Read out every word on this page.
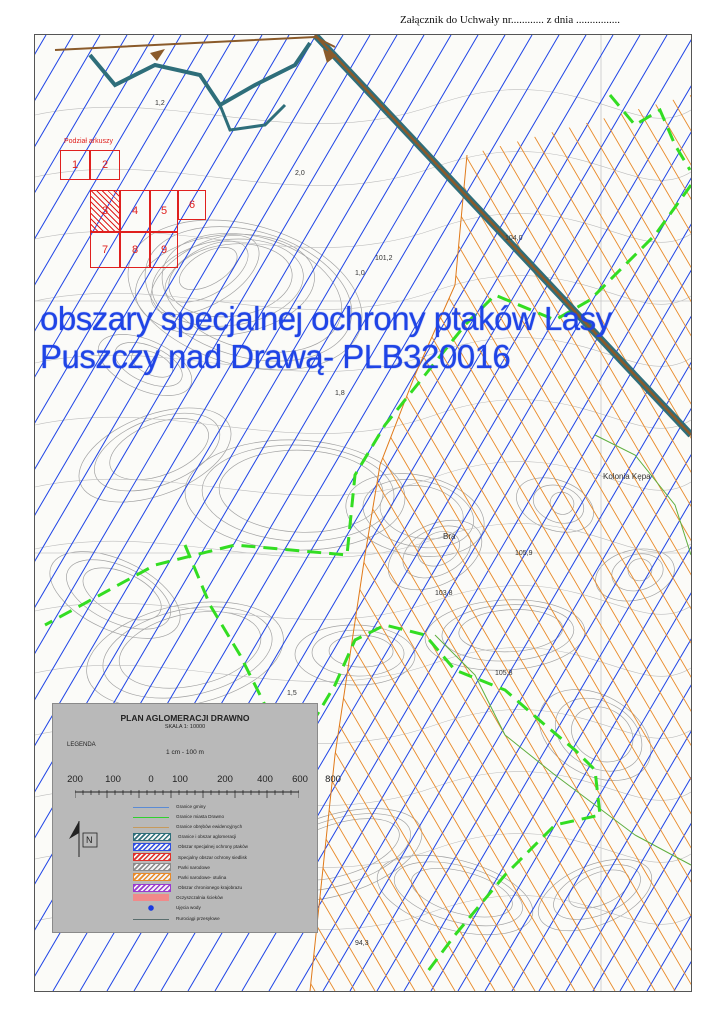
Załącznik do Uchwały nr............ z dnia ................
Kolonia Kępa
Bra
1,2
2,0
1,0
104,0
101,2
105,9
103,8
105,8
94,3
1,5
1,8
obszary specjalnej ochrony ptaków Lasy
Puszczy nad Drawą- PLB320016
Podział arkuszy
1	2
3	4	5	6
7	8	9
PLAN AGLOMERACJI DRAWNO
SKALA 1: 10000
LEGENDA
1 cm - 100 m
200 100	0 100	200	400 600 800
N
Granice gminy
Granice miasta Drawno
Granice obrębów ewidencyjnych
Granice i obszar aglomeracji
Obszar specjalnej ochrony ptaków
Specjalny obszar ochrony siedlisk
Parki narodowe
Parki narodowe- otulina
Obszar chronionego krajobrazu
Oczyszczalnia ścieków
Ujęcia wody
Rurociągi przesyłowe
